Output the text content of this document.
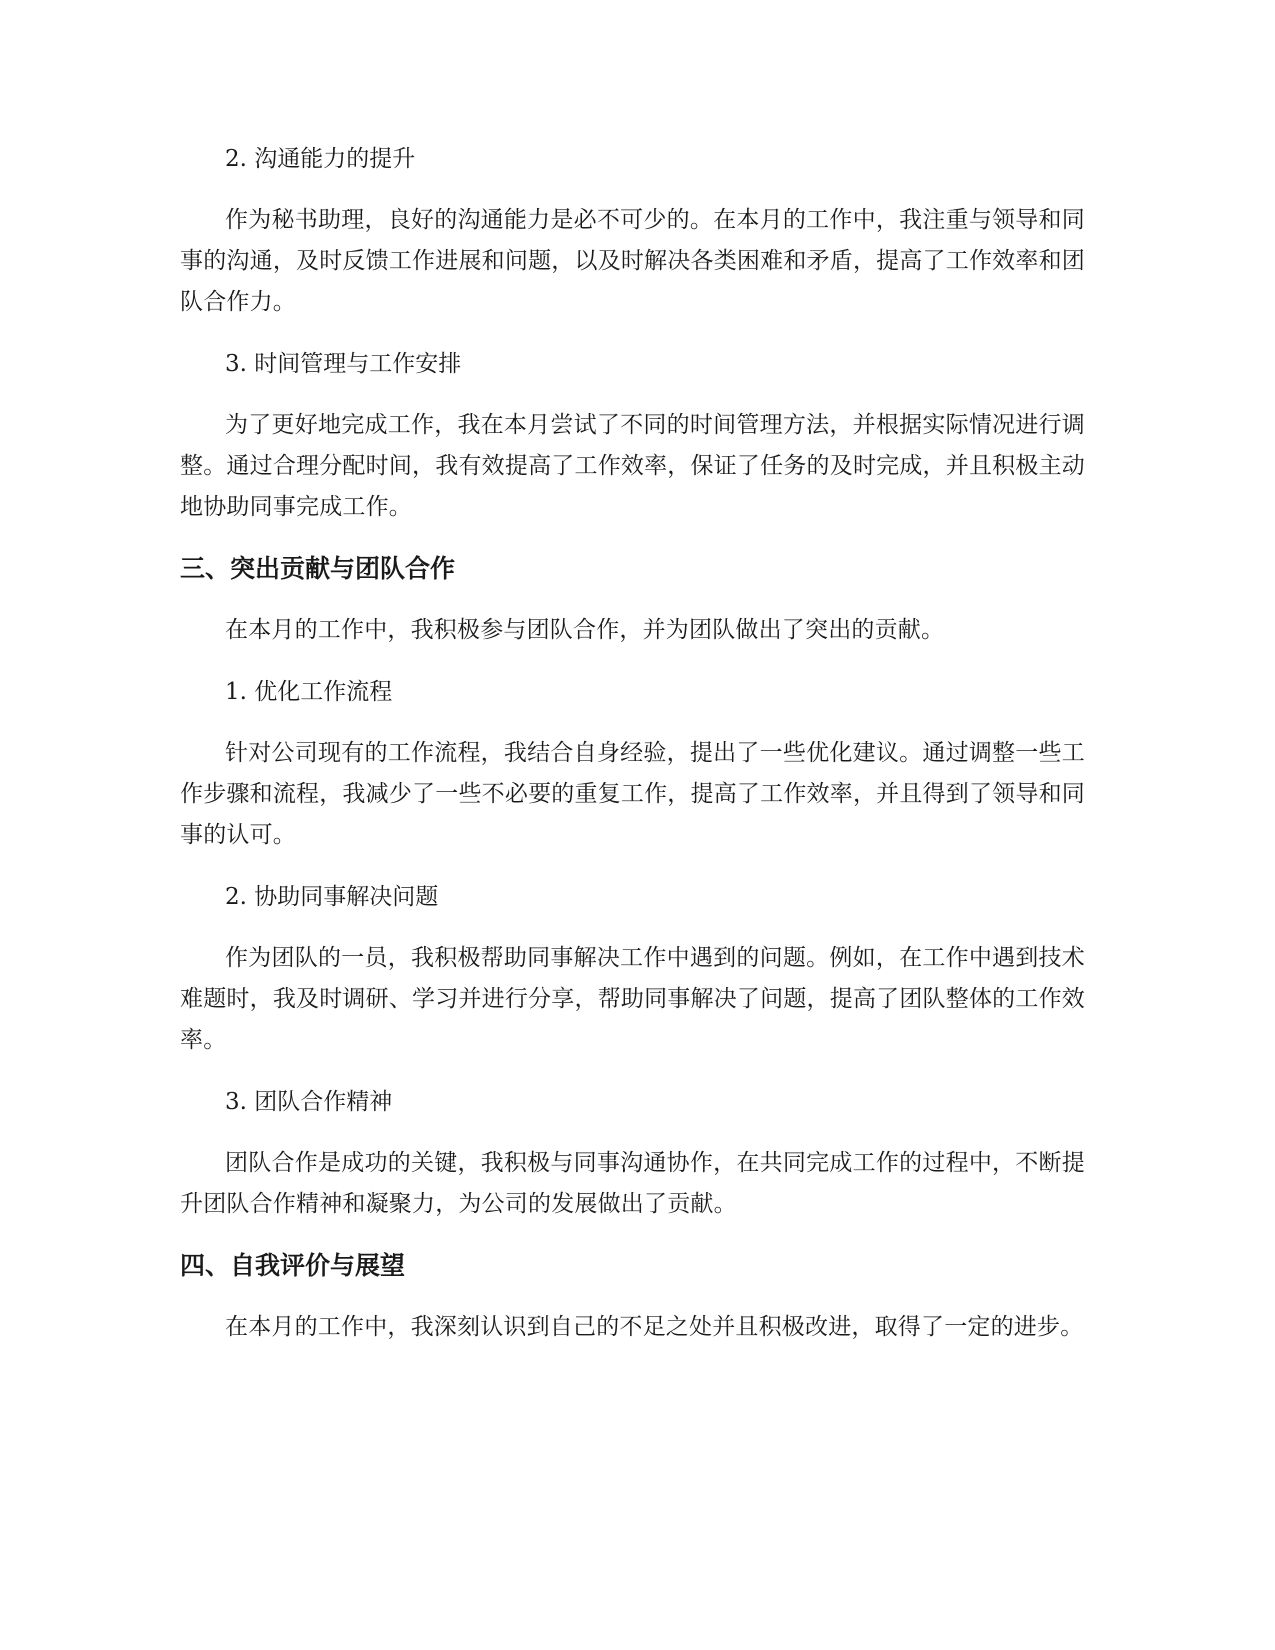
2. 沟通能力的提升

作为秘书助理，良好的沟通能力是必不可少的。在本月的工作中，我注重与领导和同事的沟通，及时反馈工作进展和问题，以及时解决各类困难和矛盾，提高了工作效率和团队合作力。

3. 时间管理与工作安排

为了更好地完成工作，我在本月尝试了不同的时间管理方法，并根据实际情况进行调整。通过合理分配时间，我有效提高了工作效率，保证了任务的及时完成，并且积极主动地协助同事完成工作。

三、突出贡献与团队合作

在本月的工作中，我积极参与团队合作，并为团队做出了突出的贡献。

1. 优化工作流程

针对公司现有的工作流程，我结合自身经验，提出了一些优化建议。通过调整一些工作步骤和流程，我减少了一些不必要的重复工作，提高了工作效率，并且得到了领导和同事的认可。

2. 协助同事解决问题

作为团队的一员，我积极帮助同事解决工作中遇到的问题。例如，在工作中遇到技术难题时，我及时调研、学习并进行分享，帮助同事解决了问题，提高了团队整体的工作效率。

3. 团队合作精神

团队合作是成功的关键，我积极与同事沟通协作，在共同完成工作的过程中，不断提升团队合作精神和凝聚力，为公司的发展做出了贡献。

四、自我评价与展望

在本月的工作中，我深刻认识到自己的不足之处并且积极改进，取得了一定的进步。
